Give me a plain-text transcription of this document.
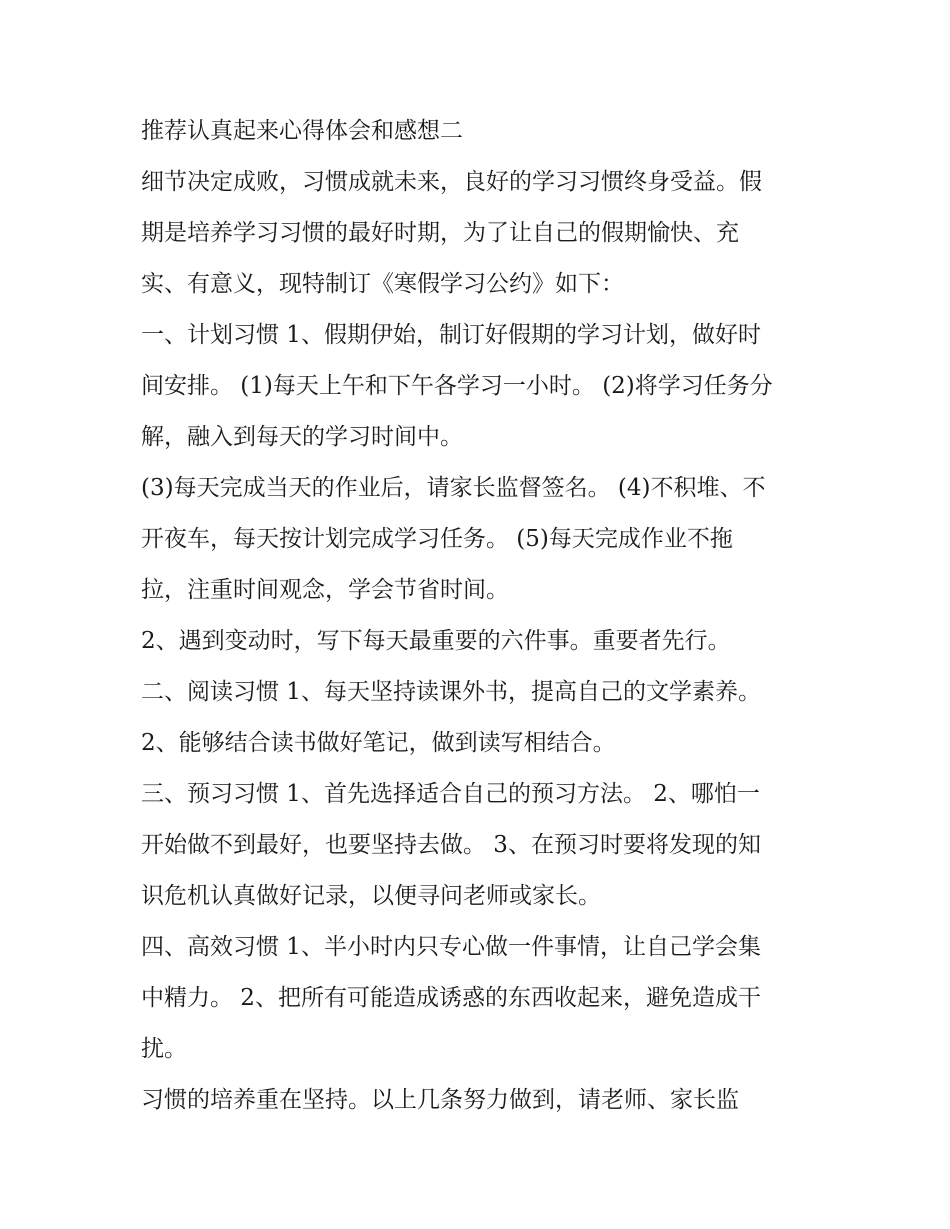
推荐认真起来心得体会和感想二
细节决定成败，习惯成就未来，良好的学习习惯终身受益。假
期是培养学习习惯的最好时期，为了让自己的假期愉快、充
实、有意义，现特制订《寒假学习公约》如下：
一、计划习惯 1、假期伊始，制订好假期的学习计划，做好时
间安排。 (1)每天上午和下午各学习一小时。 (2)将学习任务分
解，融入到每天的学习时间中。
(3)每天完成当天的作业后，请家长监督签名。 (4)不积堆、不
开夜车，每天按计划完成学习任务。 (5)每天完成作业不拖
拉，注重时间观念，学会节省时间。
2、遇到变动时，写下每天最重要的六件事。重要者先行。
二、阅读习惯 1、每天坚持读课外书，提高自己的文学素养。
2、能够结合读书做好笔记，做到读写相结合。
三、预习习惯 1、首先选择适合自己的预习方法。 2、哪怕一
开始做不到最好，也要坚持去做。 3、在预习时要将发现的知
识危机认真做好记录，以便寻问老师或家长。
四、高效习惯 1、半小时内只专心做一件事情，让自己学会集
中精力。 2、把所有可能造成诱惑的东西收起来，避免造成干
扰。
习惯的培养重在坚持。以上几条努力做到，请老师、家长监
